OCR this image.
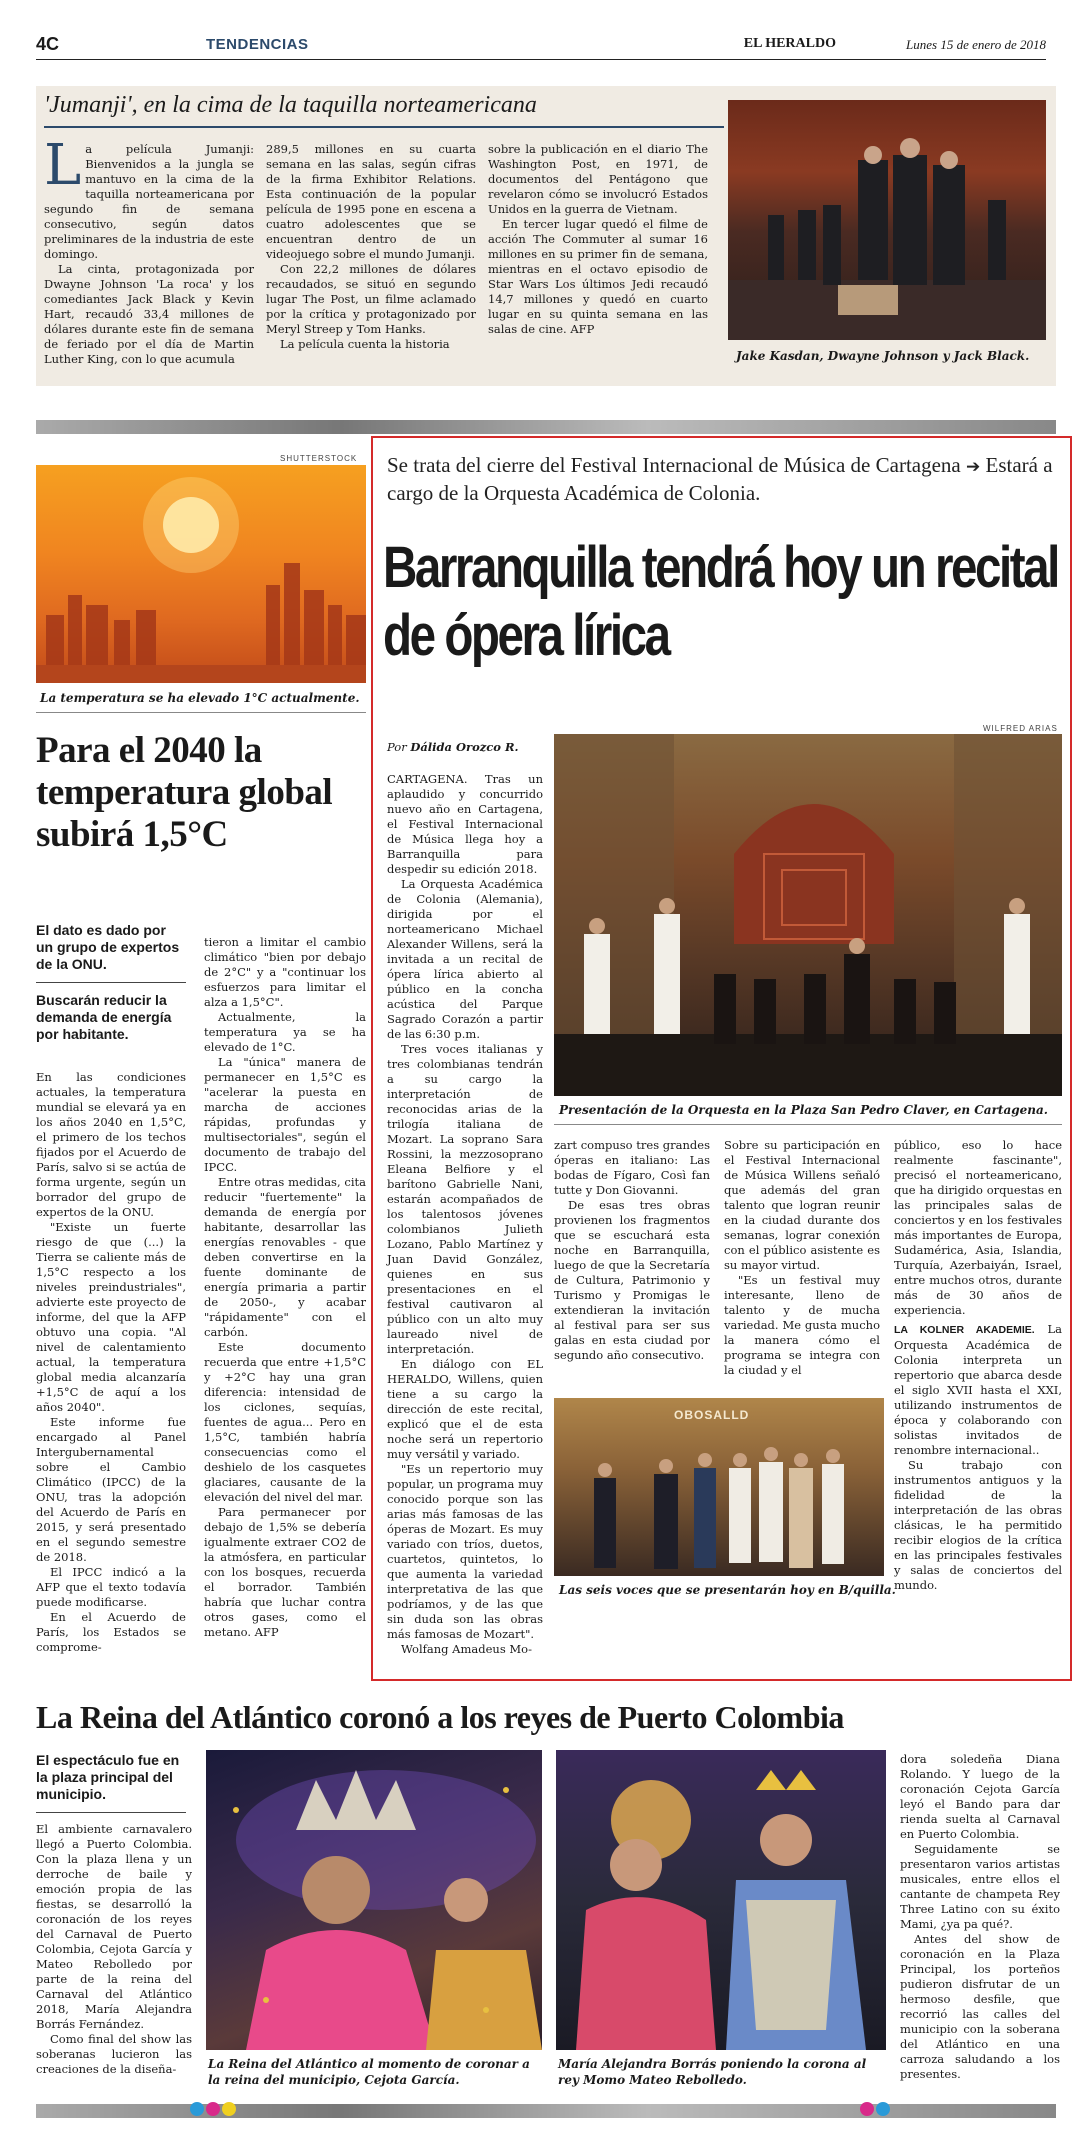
4C	TENDENCIAS	EL HERALDO	Lunes 15 de enero de 2018
'Jumanji', en la cima de la taquilla norteamericana
L a película Jumanji: Bienvenidos a la jungla se mantuvo en la cima de la taquilla norteamericana por segundo fin de semana consecutivo, según datos preliminares de la industria de este domingo.

La cinta, protagonizada por Dwayne Johnson 'La roca' y los comediantes Jack Black y Kevin Hart, recaudó 33,4 millones de dólares durante este fin de semana de feriado por el día de Martin Luther King, con lo que acumula

289,5 millones en su cuarta semana en las salas, según cifras de la firma Exhibitor Relations. Esta continuación de la popular película de 1995 pone en escena a cuatro adolescentes que se encuentran dentro de un videojuego sobre el mundo Jumanji.

Con 22,2 millones de dólares recaudados, se situó en segundo lugar The Post, un filme aclamado por la crítica y protagonizado por Meryl Streep y Tom Hanks.

La película cuenta la historia

sobre la publicación en el diario The Washington Post, en 1971, de documentos del Pentágono que revelaron cómo se involucró Estados Unidos en la guerra de Vietnam.

En tercer lugar quedó el filme de acción The Commuter al sumar 16 millones en su primer fin de semana, mientras en el octavo episodio de Star Wars Los últimos Jedi recaudó 14,7 millones y quedó en cuarto lugar en su quinta semana en las salas de cine. AFP

Jake Kasdan, Dwayne Johnson y Jack Black.
SHUTTERSTOCK
La temperatura se ha elevado 1°C actualmente.
Para el 2040 la temperatura global subirá 1,5°C
El dato es dado por un grupo de expertos de la ONU.
Buscarán reducir la demanda de energía por habitante.

En las condiciones actuales, la temperatura mundial se elevará ya en los años 2040 en 1,5°C, el primero de los techos fijados por el Acuerdo de París, salvo si se actúa de forma urgente, según un borrador del grupo de expertos de la ONU.

"Existe un fuerte riesgo de que (...) la Tierra se caliente más de 1,5°C respecto a los niveles preindustriales", advierte este proyecto de informe, del que la AFP obtuvo una copia. "Al nivel de calentamiento actual, la temperatura global media alcanzaría +1,5°C de aquí a los años 2040".

Este informe fue encargado al Panel Intergubernamental sobre el Cambio Climático (IPCC) de la ONU, tras la adopción del Acuerdo de París en 2015, y será presentado en el segundo semestre de 2018.

El IPCC indicó a la AFP que el texto todavía puede modificarse.

En el Acuerdo de París, los Estados se comprome-

tieron a limitar el cambio climático "bien por debajo de 2°C" y a "continuar los esfuerzos para limitar el alza a 1,5°C".

Actualmente, la temperatura ya se ha elevado de 1°C.

La "única" manera de permanecer en 1,5°C es "acelerar la puesta en marcha de acciones rápidas, profundas y multisectoriales", según el documento de trabajo del IPCC.

Entre otras medidas, cita reducir "fuertemente" la demanda de energía por habitante, desarrollar las energías renovables - que deben convertirse en la fuente dominante de energía primaria a partir de 2050-, y acabar "rápidamente" con el carbón.

Este documento recuerda que entre +1,5°C y +2°C hay una gran diferencia: intensidad de los ciclones, sequías, fuentes de agua... Pero en 1,5°C, también habría consecuencias como el deshielo de los casquetes glaciares, causante de la elevación del nivel del mar.

Para permanecer por debajo de 1,5% se debería igualmente extraer CO2 de la atmósfera, en particular con los bosques, recuerda el borrador. También habría que luchar contra otros gases, como el metano. AFP

Se trata del cierre del Festival Internacional de Música de Cartagena ➔ Estará a cargo de la Orquesta Académica de Colonia.
Barranquilla tendrá hoy un recital de ópera lírica
WILFRED ARIAS
Por Dálida Orozco R.

CARTAGENA. Tras un aplaudido y concurrido nuevo año en Cartagena, el Festival Internacional de Música llega hoy a Barranquilla para despedir su edición 2018.

La Orquesta Académica de Colonia (Alemania), dirigida por el norteamericano Michael Alexander Willens, será la invitada a un recital de ópera lírica abierto al público en la concha acústica del Parque Sagrado Corazón a partir de las 6:30 p.m.

Tres voces italianas y tres colombianas tendrán a su cargo la interpretación de reconocidas arias de la trilogía italiana de Mozart. La soprano Sara Rossini, la mezzosoprano Eleana Belfiore y el barítono Gabrielle Nani, estarán acompañados de los talentosos jóvenes colombianos Julieth Lozano, Pablo Martínez y Juan David González, quienes en sus presentaciones en el festival cautivaron al público con un alto muy laureado nivel de interpretación.

En diálogo con EL HERALDO, Willens, quien tiene a su cargo la dirección de este recital, explicó que el de esta noche será un repertorio muy versátil y variado.

"Es un repertorio muy popular, un programa muy conocido porque son las arias más famosas de las óperas de Mozart. Es muy variado con tríos, duetos, cuartetos, quintetos, lo que aumenta la variedad interpretativa de las que podríamos, y de las que sin duda son las obras más famosas de Mozart".

Wolfang Amadeus Mo-

Presentación de la Orquesta en la Plaza San Pedro Claver, en Cartagena.

zart compuso tres grandes óperas en italiano: Las bodas de Fígaro, Così fan tutte y Don Giovanni.

De esas tres obras provienen los fragmentos que se escuchará esta noche en Barranquilla, luego de que la Secretaría de Cultura, Patrimonio y Turismo y Promigas le extendieran la invitación al festival para ser sus galas en esta ciudad por segundo año consecutivo.

Sobre su participación en el Festival Internacional de Música Willens señaló que además del gran talento que logran reunir en la ciudad durante dos semanas, lograr conexión con el público asistente es su mayor virtud.

"Es un festival muy interesante, lleno de talento y de mucha variedad. Me gusta mucho la manera cómo el programa se integra con la ciudad y el

público, eso lo hace realmente fascinante", precisó el norteamericano, que ha dirigido orquestas en las principales salas de conciertos y en los festivales más importantes de Europa, Sudamérica, Asia, Islandia, Turquía, Azerbaiyán, Israel, entre muchos otros, durante más de 30 años de experiencia.

LA KOLNER AKADEMIE. La Orquesta Académica de Colonia interpreta un repertorio que abarca desde el siglo XVII hasta el XXI, utilizando instrumentos de época y colaborando con solistas invitados de renombre internacional..

Su trabajo con instrumentos antiguos y la fidelidad de la interpretación de las obras clásicas, le ha permitido recibir elogios de la crítica en las principales festivales y salas de conciertos del mundo.

OBOSALLD
Las seis voces que se presentarán hoy en B/quilla.
La Reina del Atlántico coronó a los reyes de Puerto Colombia
El espectáculo fue en la plaza principal del municipio.

El ambiente carnavalero llegó a Puerto Colombia. Con la plaza llena y un derroche de baile y emoción propia de las fiestas, se desarrolló la coronación de los reyes del Carnaval de Puerto Colombia, Cejota García y Mateo Rebolledo por parte de la reina del Carnaval del Atlántico 2018, María Alejandra Borrás Fernández.

Como final del show las soberanas lucieron las creaciones de la diseña-	La Reina del Atlántico al momento de coronar a la reina del municipio, Cejota García.
María Alejandra Borrás poniendo la corona al rey Momo Mateo Rebolledo.

dora soledeña Diana Rolando. Y luego de la coronación Cejota García leyó el Bando para dar rienda suelta al Carnaval en Puerto Colombia.

Seguidamente se presentaron varios artistas musicales, entre ellos el cantante de champeta Rey Three Latino con su éxito Mami, ¿ya pa qué?.

Antes del show de coronación en la Plaza Principal, los porteños pudieron disfrutar de un hermoso desfile, que recorrió las calles del municipio con la soberana del Atlántico en una carroza saludando a los presentes.
